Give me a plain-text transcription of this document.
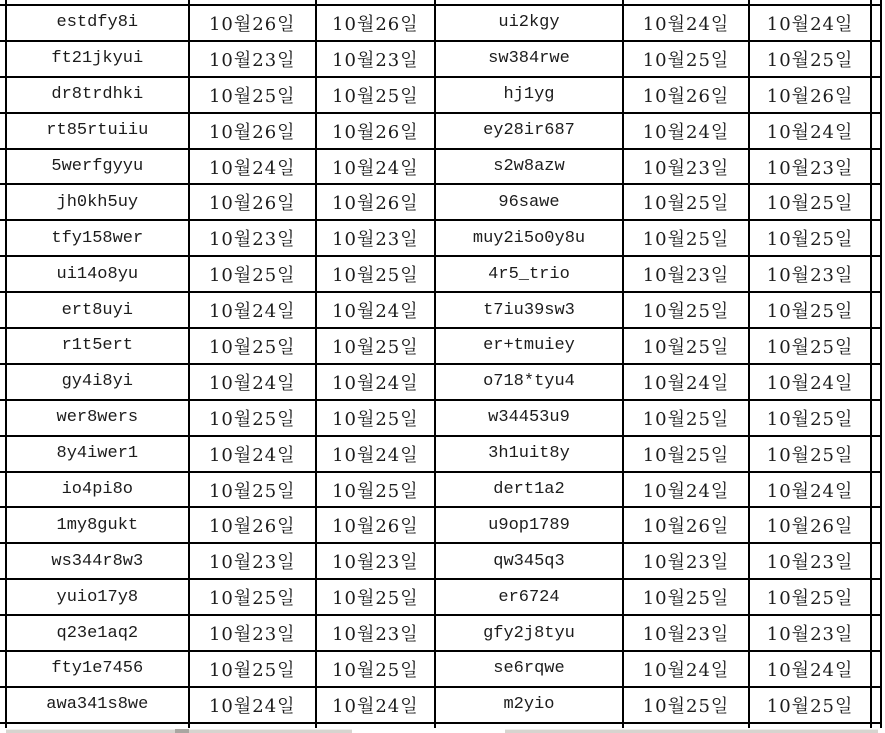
	estdfy8i	10월26일	10월26일	ui2kgy	10월24일	10월24일	
	ft21jkyui	10월23일	10월23일	sw384rwe	10월25일	10월25일	
	dr8trdhki	10월25일	10월25일	hj1yg	10월26일	10월26일	
	rt85rtuiiu	10월26일	10월26일	ey28ir687	10월24일	10월24일	
	5werfgyyu	10월24일	10월24일	s2w8azw	10월23일	10월23일	
	jh0kh5uy	10월26일	10월26일	96sawe	10월25일	10월25일	
	tfy158wer	10월23일	10월23일	muy2i5o0y8u	10월25일	10월25일	
	ui14o8yu	10월25일	10월25일	4r5_trio	10월23일	10월23일	
	ert8uyi	10월24일	10월24일	t7iu39sw3	10월25일	10월25일	
	r1t5ert	10월25일	10월25일	er+tmuiey	10월25일	10월25일	
	gy4i8yi	10월24일	10월24일	o718*tyu4	10월24일	10월24일	
	wer8wers	10월25일	10월25일	w34453u9	10월25일	10월25일	
	8y4iwer1	10월24일	10월24일	3h1uit8y	10월25일	10월25일	
	io4pi8o	10월25일	10월25일	dert1a2	10월24일	10월24일	
	1my8gukt	10월26일	10월26일	u9op1789	10월26일	10월26일	
	ws344r8w3	10월23일	10월23일	qw345q3	10월23일	10월23일	
	yuio17y8	10월25일	10월25일	er6724	10월25일	10월25일	
	q23e1aq2	10월23일	10월23일	gfy2j8tyu	10월23일	10월23일	
	fty1e7456	10월25일	10월25일	se6rqwe	10월24일	10월24일	
	awa341s8we	10월24일	10월24일	m2yio	10월25일	10월25일	
